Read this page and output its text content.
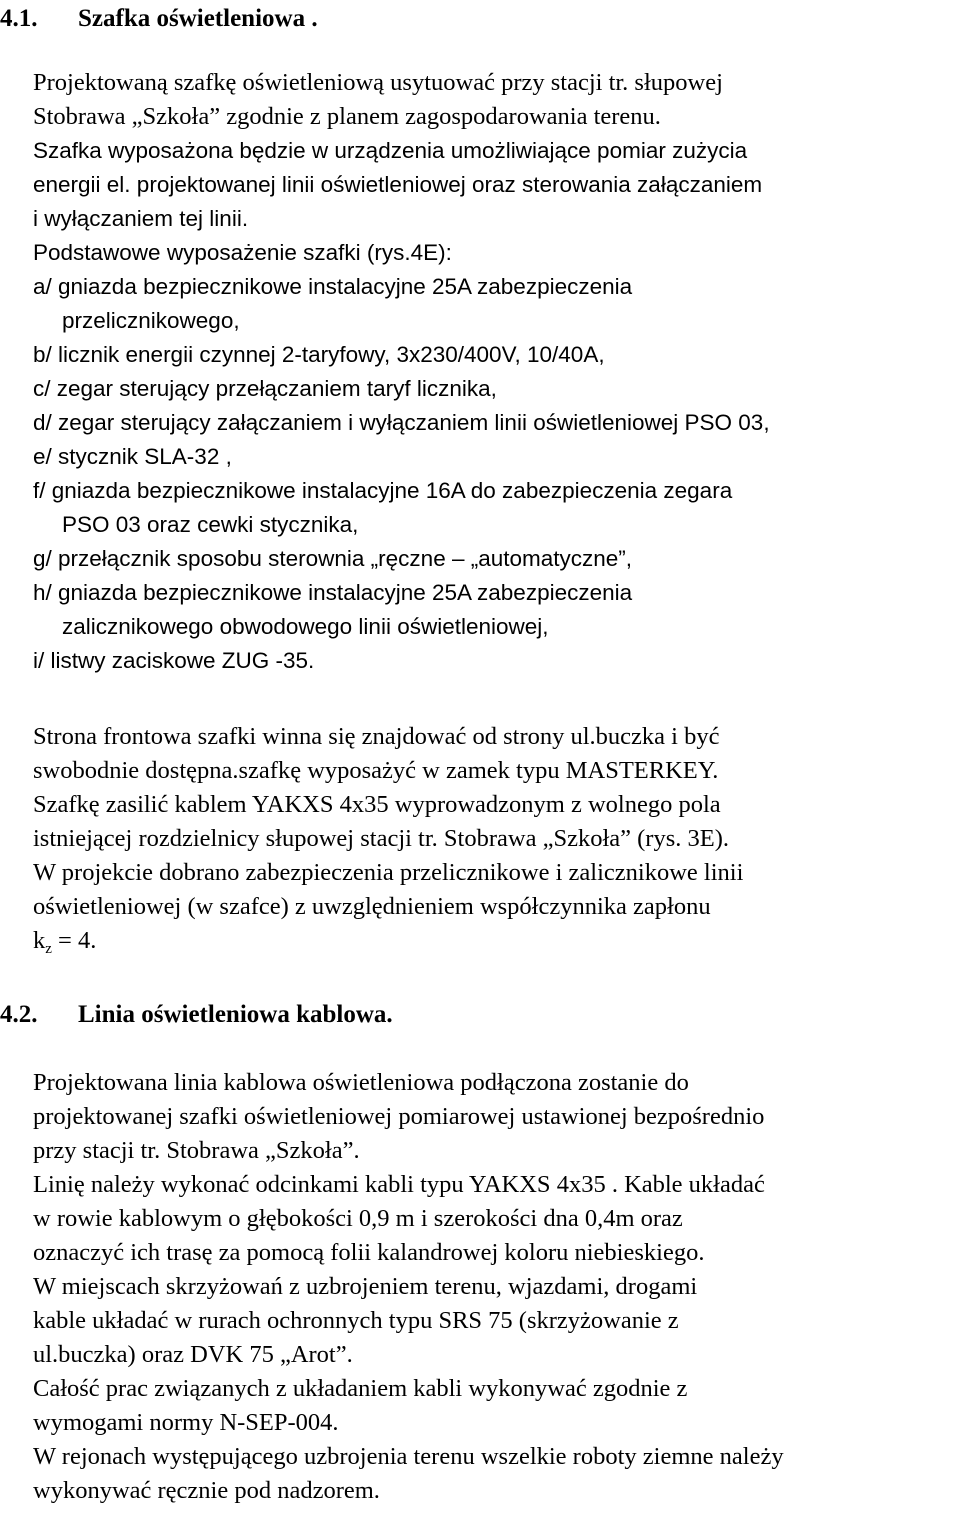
4.1. Szafka oświetleniowa .
Projektowaną szafkę oświetleniową usytuować przy stacji tr. słupowej
Stobrawa „Szkoła” zgodnie z planem zagospodarowania terenu.
Szafka wyposażona będzie w urządzenia umożliwiające pomiar zużycia
energii el. projektowanej linii oświetleniowej oraz sterowania załączaniem
i wyłączaniem tej linii.
Podstawowe wyposażenie szafki (rys.4E):
a/ gniazda bezpiecznikowe instalacyjne 25A zabezpieczenia
przelicznikowego,
b/ licznik energii czynnej 2-taryfowy, 3x230/400V, 10/40A,
c/ zegar sterujący przełączaniem taryf licznika,
d/ zegar sterujący załączaniem i wyłączaniem linii oświetleniowej PSO 03,
e/ stycznik SLA-32 ,
f/ gniazda bezpiecznikowe instalacyjne 16A do zabezpieczenia zegara
PSO 03 oraz cewki stycznika,
g/ przełącznik sposobu sterownia „ręczne – „automatyczne”,
h/ gniazda bezpiecznikowe instalacyjne 25A zabezpieczenia
zalicznikowego obwodowego linii oświetleniowej,
i/ listwy zaciskowe ZUG -35.
Strona frontowa szafki winna się znajdować od strony ul.buczka i być
swobodnie dostępna.szafkę wyposażyć w zamek typu MASTERKEY.
Szafkę zasilić kablem YAKXS 4x35 wyprowadzonym z wolnego pola
istniejącej rozdzielnicy słupowej stacji tr. Stobrawa „Szkoła” (rys. 3E).
W projekcie dobrano zabezpieczenia przelicznikowe i zalicznikowe linii
oświetleniowej (w szafce) z uwzględnieniem współczynnika zapłonu
$k_z = 4$.
4.2. Linia oświetleniowa kablowa.
Projektowana linia kablowa oświetleniowa podłączona zostanie do
projektowanej szafki oświetleniowej pomiarowej ustawionej bezpośrednio
przy stacji tr. Stobrawa „Szkoła”.
Linię należy wykonać odcinkami kabli typu YAKXS 4x35 . Kable układać
w rowie kablowym o głębokości 0,9 m i szerokości dna 0,4m oraz
oznaczyć ich trasę za pomocą folii kalandrowej koloru niebieskiego.
W miejscach skrzyżowań z uzbrojeniem terenu, wjazdami, drogami
kable układać w rurach ochronnych typu SRS 75 (skrzyżowanie z
ul.buczka) oraz DVK 75 „Arot”.
Całość prac związanych z układaniem kabli wykonywać zgodnie z
wymogami normy N-SEP-004.
W rejonach występującego uzbrojenia terenu wszelkie roboty ziemne należy
wykonywać ręcznie pod nadzorem.
